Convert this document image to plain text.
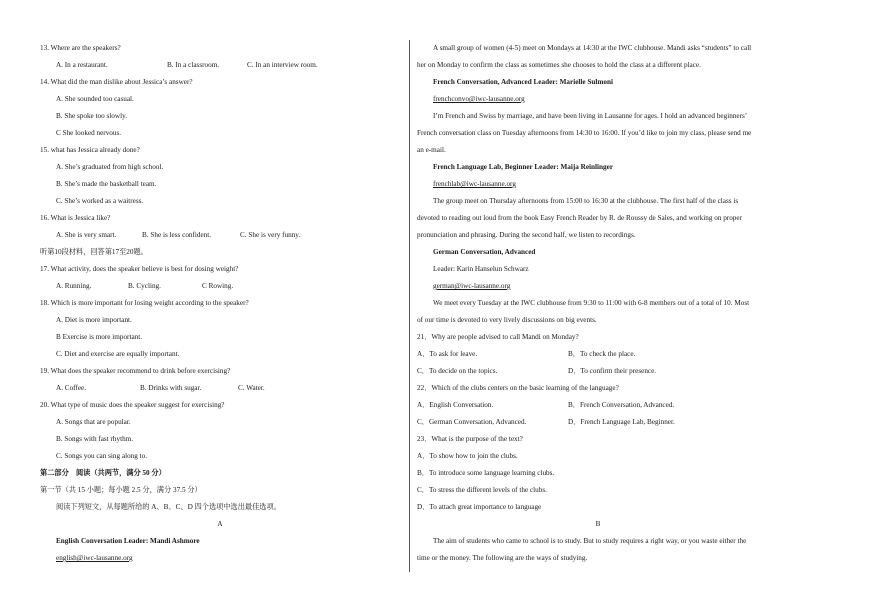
13. Where are the speakers?
A. In a restaurant.	B. In a classroom.	C. In an interview room.
14. What did the man dislike about Jessica’s answer?
A. She sounded too casual.
B. She spoke too slowly.
C She looked nervous.
15. what has Jessica already done?
A. She’s graduated from high school.
B. She’s made the basketball team.
C. She’s worked as a waitress.
16. What is Jessica like?
A. She is very smart.	B. She is less confident.	C. She is very funny.
听第10段材料，回答第17至20题。
17. What activity, does the speaker believe is best for dosing weight?
A. Running.	B. Cycling.	C Rowing.
18. Which is more important for losing weight according to the speaker?
A. Diet is more important.
B Exercise is more important.
C. Diet and exercise are equally important.
19. What does the speaker recommend to drink before exercising?
A. Coffee.	B. Drinks with sugar.	C. Water.
20. What type of music does the speaker suggest for exercising?
A. Songs that are popular.
B. Songs with fast rhythm.
C. Songs you can sing along to.
第二部分　阅读（共两节，满分 50 分）
第一节（共 15 小题；每小题 2.5 分，满分 37.5 分）
阅读下列短文，从每题所给的 A、B、C、D 四个选项中选出最佳选项。
A
English Conversation Leader: Mandi Ashmore
english@iwc-lausanne.org
A small group of women (4-5) meet on Mondays at 14:30 at the IWC clubhouse. Mandi asks “students” to call
her on Monday to confirm the class as sometimes she chooses to hold the class at a different place.
French Conversation, Advanced Leader: Marielle Sulmoni
frenchconvo@iwc-lausanne.org
I’m French and Swiss by marriage, and have been living in Lausanne for ages. I hold an advanced beginners’
French conversation class on Tuesday afternoons from 14:30 to 16:00. If you’d like to join my class, please send me
an e-mail.
French Language Lab, Beginner Leader: Maija Reinlinger
frenchlab@iwc-lausanne.org
The group meet on Thursday afternoons from 15:00 to 16:30 at the clubhouse. The first half of the class is
devoted to reading out loud from the book Easy French Reader by R. de Roussy de Sales, and working on proper
pronunciation and phrasing. During the second half, we listen to recordings.
German Conversation, Advanced
Leader: Karin Hanselun Schwarz
german@iwc-lausanne.org
We meet every Tuesday at the IWC clubhouse from 9:30 to 11:00 with 6-8 members out of a total of 10. Most
of our time is devoted to very lively discussions on big events.
21．Why are people advised to call Mandi on Monday?
A．To ask for leave.	B．To check the place.
C．To decide on the topics.	D．To confirm their presence.
22．Which of the clubs centers on the basic learning of the language?
A．English Conversation.	B．French Conversation, Advanced.
C．German Conversation, Advanced.	D．French Language Lab, Beginner.
23．What is the purpose of the text?
A．To show how to join the clubs.
B．To introduce some language learning clubs.
C．To stress the different levels of the clubs.
D．To attach great importance to language
B
The aim of students who came to school is to study. But to study requires a right way, or you waste either the
time or the money. The following are the ways of studying.
